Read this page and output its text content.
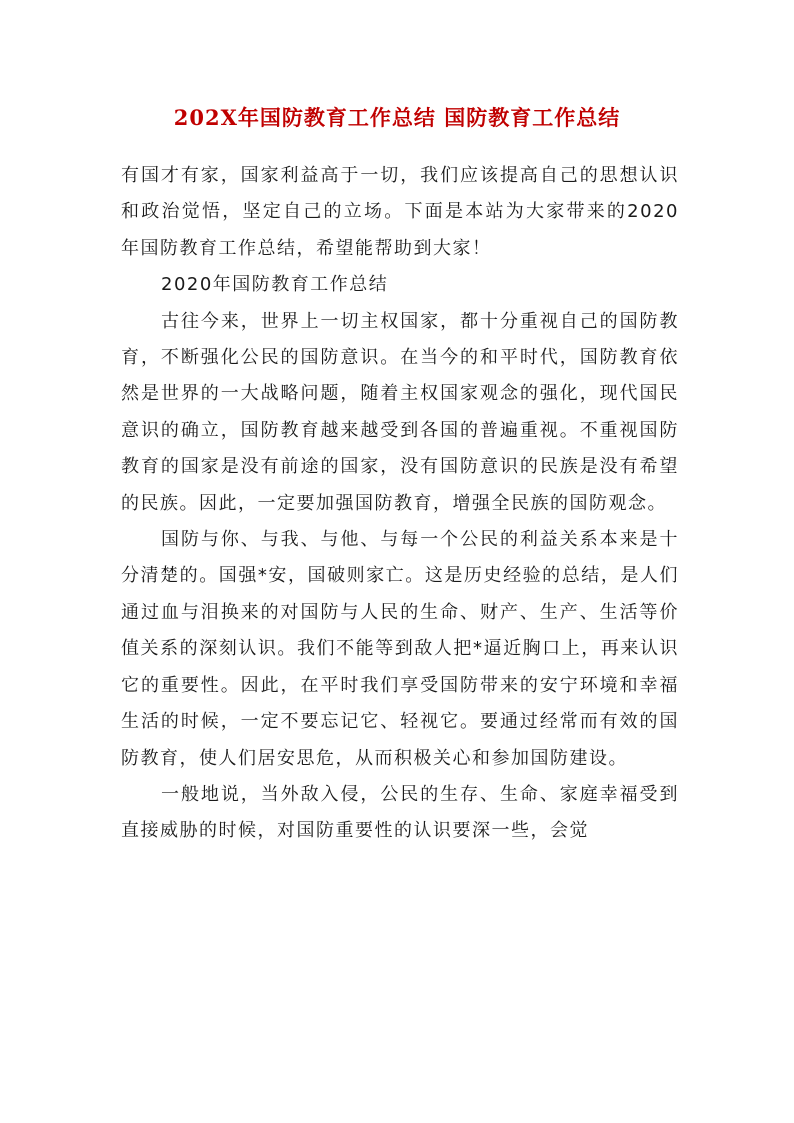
202X年国防教育工作总结 国防教育工作总结

有国才有家，国家利益高于一切，我们应该提高自己的思想认识和政治觉悟，坚定自己的立场。下面是本站为大家带来的2020年国防教育工作总结，希望能帮助到大家！

2020年国防教育工作总结

古往今来，世界上一切主权国家，都十分重视自己的国防教育，不断强化公民的国防意识。在当今的和平时代，国防教育依然是世界的一大战略问题，随着主权国家观念的强化，现代国民意识的确立，国防教育越来越受到各国的普遍重视。不重视国防教育的国家是没有前途的国家，没有国防意识的民族是没有希望的民族。因此，一定要加强国防教育，增强全民族的国防观念。

国防与你、与我、与他、与每一个公民的利益关系本来是十分清楚的。国强*安，国破则家亡。这是历史经验的总结，是人们通过血与泪换来的对国防与人民的生命、财产、生产、生活等价值关系的深刻认识。我们不能等到敌人把*逼近胸口上，再来认识它的重要性。因此，在平时我们享受国防带来的安宁环境和幸福生活的时候，一定不要忘记它、轻视它。要通过经常而有效的国防教育，使人们居安思危，从而积极关心和参加国防建设。

一般地说，当外敌入侵，公民的生存、生命、家庭幸福受到直接威胁的时候，对国防重要性的认识要深一些，会觉
